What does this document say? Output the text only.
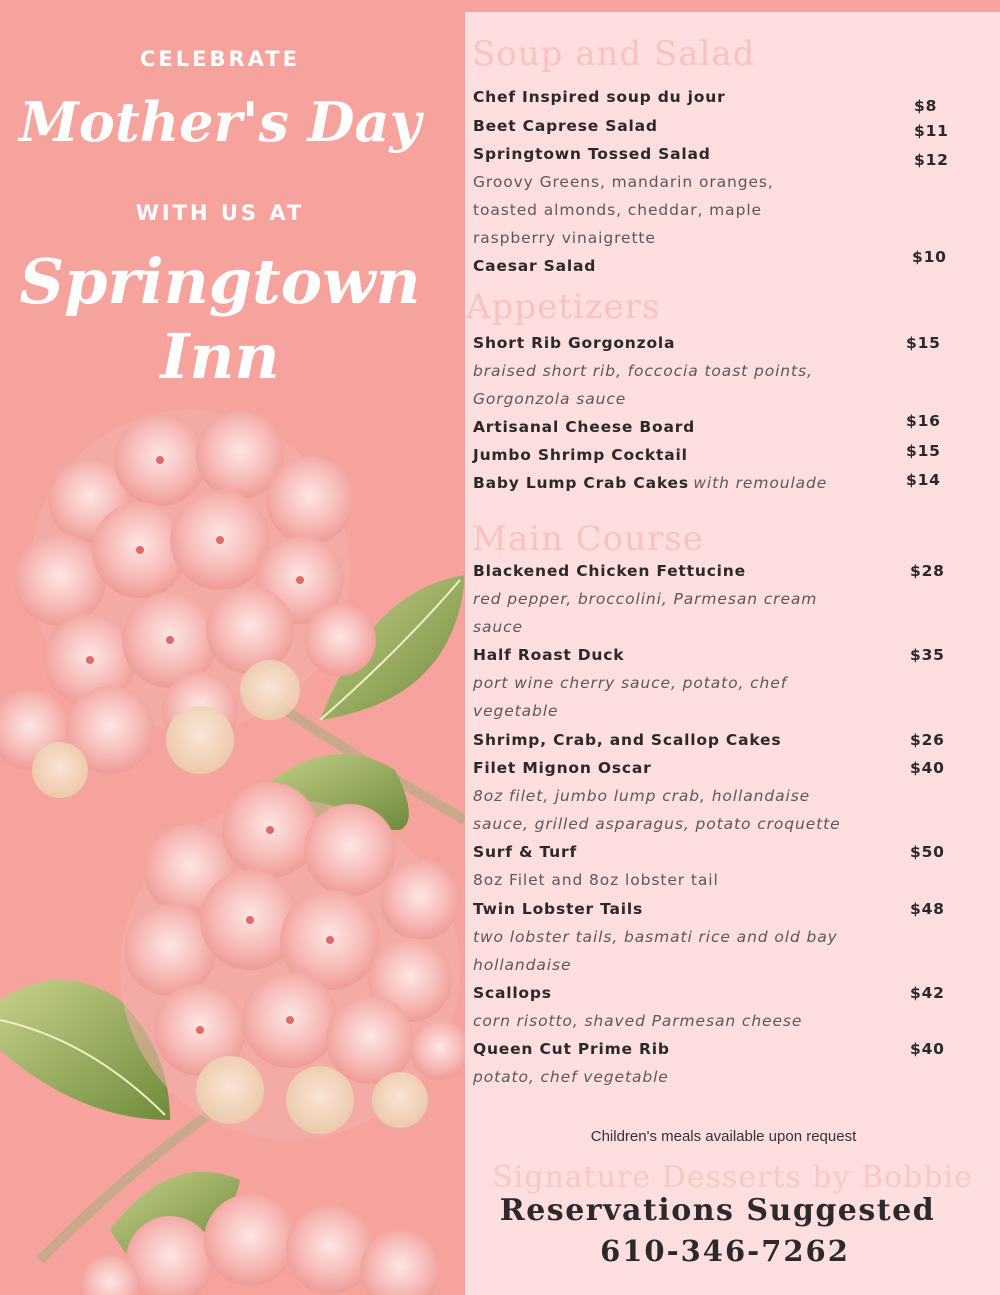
CELEBRATE
Mother's Day
WITH US AT
Springtown
Inn
Soup and Salad
Chef Inspired soup du jour	$8
Beet Caprese Salad	$11
Springtown Tossed Salad	$12
Groovy Greens, mandarin oranges,
toasted almonds, cheddar, maple
raspberry vinaigrette
Caesar Salad	$10
Appetizers
Short Rib Gorgonzola	$15
braised short rib, foccocia toast points,
Gorgonzola sauce
Artisanal Cheese Board	$16
Jumbo Shrimp Cocktail	$15
Baby Lump Crab Cakes with remoulade	$14
Main Course
Blackened Chicken Fettucine	$28
red pepper, broccolini, Parmesan cream
sauce
Half Roast Duck	$35
port wine cherry sauce, potato, chef
vegetable
Shrimp, Crab, and Scallop Cakes	$26
Filet Mignon Oscar	$40
8oz filet, jumbo lump crab, hollandaise
sauce, grilled asparagus, potato croquette
Surf & Turf	$50
8oz Filet and 8oz lobster tail
Twin Lobster Tails	$48
two lobster tails, basmati rice and old bay
hollandaise
Scallops	$42
corn risotto, shaved Parmesan cheese
Queen Cut Prime Rib	$40
potato, chef vegetable
Children's meals available upon request
Signature Desserts by Bobbie
Reservations Suggested
610-346-7262
